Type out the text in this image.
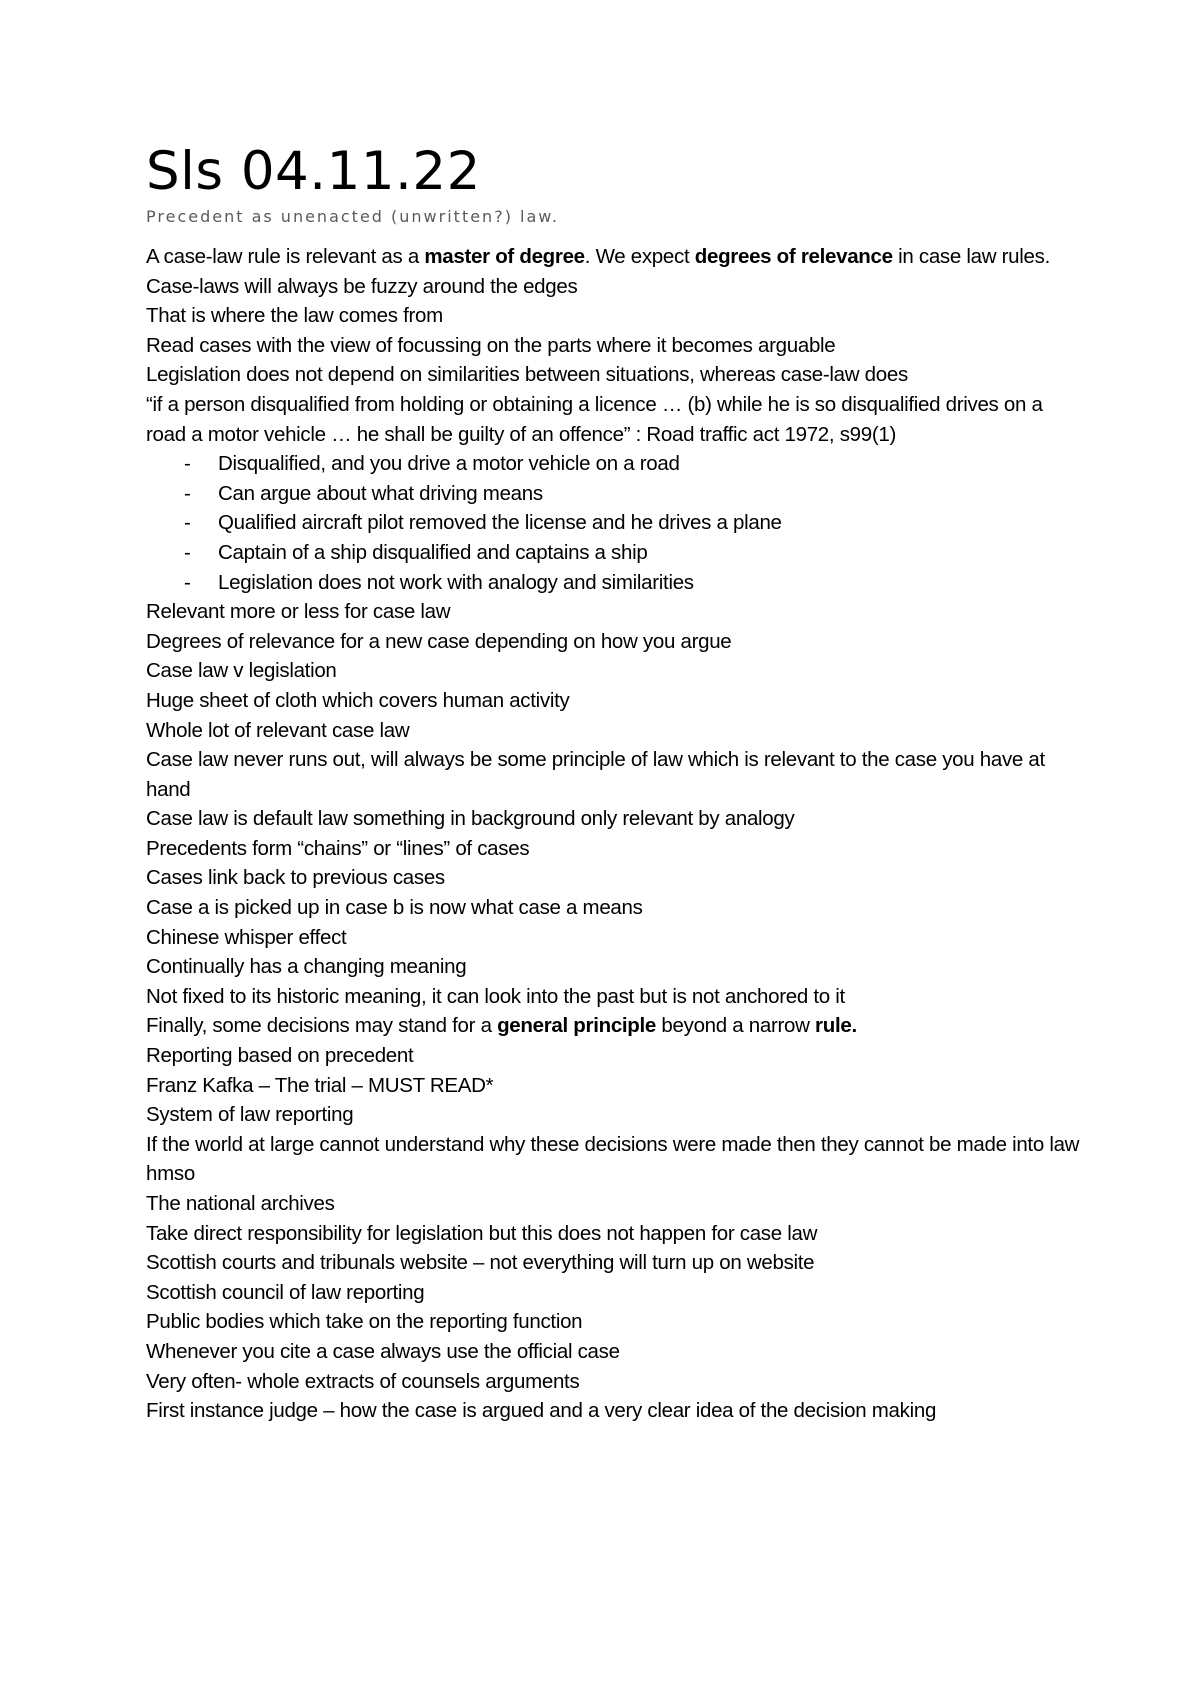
Sls 04.11.22
Precedent as unenacted (unwritten?) law.
A case-law rule is relevant as a master of degree. We expect degrees of relevance in case law rules.
Case-laws will always be fuzzy around the edges
That is where the law comes from
Read cases with the view of focussing on the parts where it becomes arguable
Legislation does not depend on similarities between situations, whereas case-law does
“if a person disqualified from holding or obtaining a licence … (b) while he is so disqualified drives on a road a motor vehicle … he shall be guilty of an offence” : Road traffic act 1972, s99(1)
- Disqualified, and you drive a motor vehicle on a road
- Can argue about what driving means
- Qualified aircraft pilot removed the license and he drives a plane
- Captain of a ship disqualified and captains a ship
- Legislation does not work with analogy and similarities
Relevant more or less for case law
Degrees of relevance for a new case depending on how you argue
Case law v legislation
Huge sheet of cloth which covers human activity
Whole lot of relevant case law
Case law never runs out, will always be some principle of law which is relevant to the case you have at hand
Case law is default law something in background only relevant by analogy
Precedents form “chains” or “lines” of cases
Cases link back to previous cases
Case a is picked up in case b is now what case a means
Chinese whisper effect
Continually has a changing meaning
Not fixed to its historic meaning, it can look into the past but is not anchored to it
Finally, some decisions may stand for a general principle beyond a narrow rule.
Reporting based on precedent
Franz Kafka – The trial – MUST READ*
System of law reporting
If the world at large cannot understand why these decisions were made then they cannot be made into law hmso
The national archives
Take direct responsibility for legislation but this does not happen for case law
Scottish courts and tribunals website – not everything will turn up on website
Scottish council of law reporting
Public bodies which take on the reporting function
Whenever you cite a case always use the official case
Very often- whole extracts of counsels arguments
First instance judge – how the case is argued and a very clear idea of the decision making
